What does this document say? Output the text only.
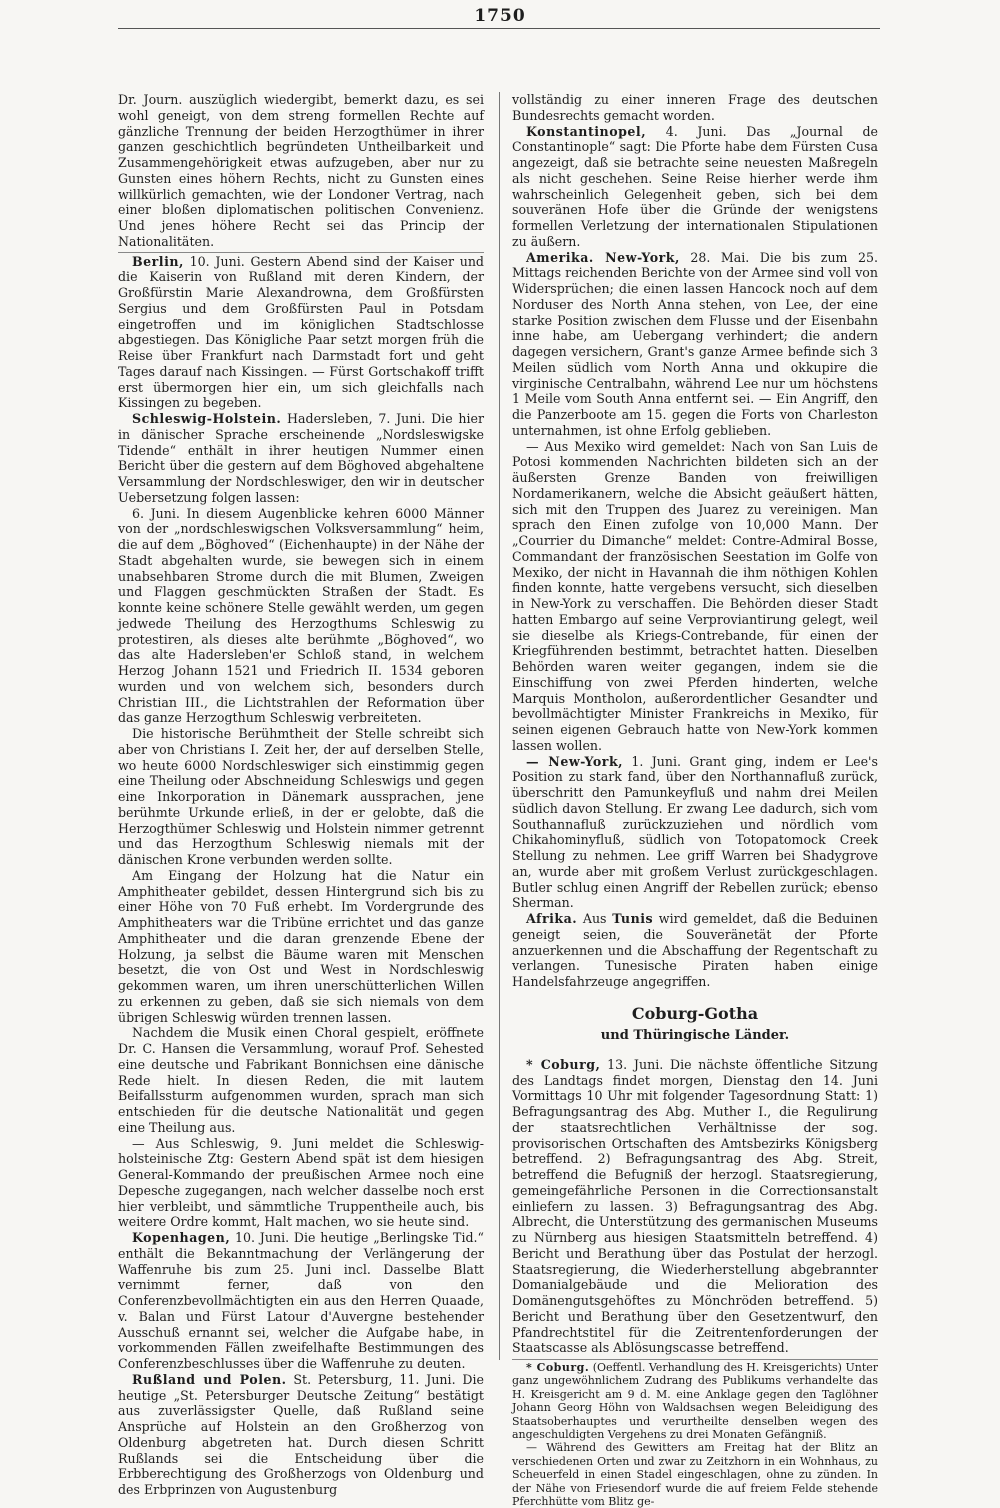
1750

Dr. Journ. auszüglich wiedergibt, bemerkt dazu, es sei wohl geneigt, von dem streng formellen Rechte auf gänzliche Trennung der beiden Herzogthümer in ihrer ganzen geschichtlich begründeten Untheilbarkeit und Zusammengehörigkeit etwas aufzugeben, aber nur zu Gunsten eines höhern Rechts, nicht zu Gunsten eines willkürlich gemachten, wie der Londoner Vertrag, nach einer bloßen diplomatischen politischen Convenienz. Und jenes höhere Recht sei das Princip der Nationalitäten.

Berlin, 10. Juni. Gestern Abend sind der Kaiser und die Kaiserin von Rußland mit deren Kindern, der Großfürstin Marie Alexandrowna, dem Großfürsten Sergius und dem Großfürsten Paul in Potsdam eingetroffen und im königlichen Stadtschlosse abgestiegen. Das Königliche Paar setzt morgen früh die Reise über Frankfurt nach Darmstadt fort und geht Tages darauf nach Kissingen. — Fürst Gortschakoff trifft erst übermorgen hier ein, um sich gleichfalls nach Kissingen zu begeben.

Schleswig-Holstein. Hadersleben, 7. Juni. Die hier in dänischer Sprache erscheinende „Nordsleswigske Tidende“ enthält in ihrer heutigen Nummer einen Bericht über die gestern auf dem Böghoved abgehaltene Versammlung der Nordschleswiger, den wir in deutscher Uebersetzung folgen lassen:

6. Juni. In diesem Augenblicke kehren 6000 Männer von der „nordschleswigschen Volksversammlung“ heim, die auf dem „Böghoved“ (Eichenhaupte) in der Nähe der Stadt abgehalten wurde, sie bewegen sich in einem unabsehbaren Strome durch die mit Blumen, Zweigen und Flaggen geschmückten Straßen der Stadt. Es konnte keine schönere Stelle gewählt werden, um gegen jedwede Theilung des Herzogthums Schleswig zu protestiren, als dieses alte berühmte „Böghoved“, wo das alte Hadersleben'er Schloß stand, in welchem Herzog Johann 1521 und Friedrich II. 1534 geboren wurden und von welchem sich, besonders durch Christian III., die Lichtstrahlen der Reformation über das ganze Herzogthum Schleswig verbreiteten.

Die historische Berühmtheit der Stelle schreibt sich aber von Christians I. Zeit her, der auf derselben Stelle, wo heute 6000 Nordschleswiger sich einstimmig gegen eine Theilung oder Abschneidung Schleswigs und gegen eine Inkorporation in Dänemark aussprachen, jene berühmte Urkunde erließ, in der er gelobte, daß die Herzogthümer Schleswig und Holstein nimmer getrennt und das Herzogthum Schleswig niemals mit der dänischen Krone verbunden werden sollte.

Am Eingang der Holzung hat die Natur ein Amphitheater gebildet, dessen Hintergrund sich bis zu einer Höhe von 70 Fuß erhebt. Im Vordergrunde des Amphitheaters war die Tribüne errichtet und das ganze Amphitheater und die daran grenzende Ebene der Holzung, ja selbst die Bäume waren mit Menschen besetzt, die von Ost und West in Nordschleswig gekommen waren, um ihren unerschütterlichen Willen zu erkennen zu geben, daß sie sich niemals von dem übrigen Schleswig würden trennen lassen.

Nachdem die Musik einen Choral gespielt, eröffnete Dr. C. Hansen die Versammlung, worauf Prof. Sehested eine deutsche und Fabrikant Bonnichsen eine dänische Rede hielt. In diesen Reden, die mit lautem Beifallssturm aufgenommen wurden, sprach man sich entschieden für die deutsche Nationalität und gegen eine Theilung aus.

— Aus Schleswig, 9. Juni meldet die Schleswig-holsteinische Ztg: Gestern Abend spät ist dem hiesigen General-Kommando der preußischen Armee noch eine Depesche zugegangen, nach welcher dasselbe noch erst hier verbleibt, und sämmtliche Truppentheile auch, bis weitere Ordre kommt, Halt machen, wo sie heute sind.

Kopenhagen, 10. Juni. Die heutige „Berlingske Tid.“ enthält die Bekanntmachung der Verlängerung der Waffenruhe bis zum 25. Juni incl. Dasselbe Blatt vernimmt ferner, daß von den Conferenzbevollmächtigten ein aus den Herren Quaade, v. Balan und Fürst Latour d'Auvergne bestehender Ausschuß ernannt sei, welcher die Aufgabe habe, in vorkommenden Fällen zweifelhafte Bestimmungen des Conferenzbeschlusses über die Waffenruhe zu deuten.

Rußland und Polen. St. Petersburg, 11. Juni. Die heutige „St. Petersburger Deutsche Zeitung“ bestätigt aus zuverlässigster Quelle, daß Rußland seine Ansprüche auf Holstein an den Großherzog von Oldenburg abgetreten hat. Durch diesen Schritt Rußlands sei die Entscheidung über die Erbberechtigung des Großherzogs von Oldenburg und des Erbprinzen von Augustenburg

vollständig zu einer inneren Frage des deutschen Bundesrechts gemacht worden.

Konstantinopel, 4. Juni. Das „Journal de Constantinople“ sagt: Die Pforte habe dem Fürsten Cusa angezeigt, daß sie betrachte seine neuesten Maßregeln als nicht geschehen. Seine Reise hierher werde ihm wahrscheinlich Gelegenheit geben, sich bei dem souveränen Hofe über die Gründe der wenigstens formellen Verletzung der internationalen Stipulationen zu äußern.

Amerika. New-York, 28. Mai. Die bis zum 25. Mittags reichenden Berichte von der Armee sind voll von Widersprüchen; die einen lassen Hancock noch auf dem Norduser des North Anna stehen, von Lee, der eine starke Position zwischen dem Flusse und der Eisenbahn inne habe, am Uebergang verhindert; die andern dagegen versichern, Grant's ganze Armee befinde sich 3 Meilen südlich vom North Anna und okkupire die virginische Centralbahn, während Lee nur um höchstens 1 Meile vom South Anna entfernt sei. — Ein Angriff, den die Panzerboote am 15. gegen die Forts von Charleston unternahmen, ist ohne Erfolg geblieben.

— Aus Mexiko wird gemeldet: Nach von San Luis de Potosi kommenden Nachrichten bildeten sich an der äußersten Grenze Banden von freiwilligen Nordamerikanern, welche die Absicht geäußert hätten, sich mit den Truppen des Juarez zu vereinigen. Man sprach den Einen zufolge von 10,000 Mann. Der „Courrier du Dimanche“ meldet: Contre-Admiral Bosse, Commandant der französischen Seestation im Golfe von Mexiko, der nicht in Havannah die ihm nöthigen Kohlen finden konnte, hatte vergebens versucht, sich dieselben in New-York zu verschaffen. Die Behörden dieser Stadt hatten Embargo auf seine Verproviantirung gelegt, weil sie dieselbe als Kriegs-Contrebande, für einen der Kriegführenden bestimmt, betrachtet hatten. Dieselben Behörden waren weiter gegangen, indem sie die Einschiffung von zwei Pferden hinderten, welche Marquis Montholon, außerordentlicher Gesandter und bevollmächtigter Minister Frankreichs in Mexiko, für seinen eigenen Gebrauch hatte von New-York kommen lassen wollen.

— New-York, 1. Juni. Grant ging, indem er Lee's Position zu stark fand, über den Northannafluß zurück, überschritt den Pamunkeyfluß und nahm drei Meilen südlich davon Stellung. Er zwang Lee dadurch, sich vom Southannafluß zurückzuziehen und nördlich vom Chikahominyfluß, südlich von Totopatomock Creek Stellung zu nehmen. Lee griff Warren bei Shadygrove an, wurde aber mit großem Verlust zurückgeschlagen. Butler schlug einen Angriff der Rebellen zurück; ebenso Sherman.

Afrika. Aus Tunis wird gemeldet, daß die Beduinen geneigt seien, die Souveränetät der Pforte anzuerkennen und die Abschaffung der Regentschaft zu verlangen. Tunesische Piraten haben einige Handelsfahrzeuge angegriffen.

Coburg-Gotha
und Thüringische Länder.

* Coburg, 13. Juni. Die nächste öffentliche Sitzung des Landtags findet morgen, Dienstag den 14. Juni Vormittags 10 Uhr mit folgender Tagesordnung Statt: 1) Befragungsantrag des Abg. Muther I., die Regulirung der staatsrechtlichen Verhältnisse der sog. provisorischen Ortschaften des Amtsbezirks Königsberg betreffend. 2) Befragungsantrag des Abg. Streit, betreffend die Befugniß der herzogl. Staatsregierung, gemeingefährliche Personen in die Correctionsanstalt einliefern zu lassen. 3) Befragungsantrag des Abg. Albrecht, die Unterstützung des germanischen Museums zu Nürnberg aus hiesigen Staatsmitteln betreffend. 4) Bericht und Berathung über das Postulat der herzogl. Staatsregierung, die Wiederherstellung abgebrannter Domanialgebäude und die Melioration des Domänengutsgehöftes zu Mönchröden betreffend. 5) Bericht und Berathung über den Gesetzentwurf, den Pfandrechtstitel für die Zeitrentenforderungen der Staatscasse als Ablösungscasse betreffend.

* Coburg. (Oeffentl. Verhandlung des H. Kreisgerichts) Unter ganz ungewöhnlichem Zudrang des Publikums verhandelte das H. Kreisgericht am 9 d. M. eine Anklage gegen den Taglöhner Johann Georg Höhn von Waldsachsen wegen Beleidigung des Staatsoberhauptes und verurtheilte denselben wegen des angeschuldigten Vergehens zu drei Monaten Gefängniß.

— Während des Gewitters am Freitag hat der Blitz an verschiedenen Orten und zwar zu Zeitzhorn in ein Wohnhaus, zu Scheuerfeld in einen Stadel eingeschlagen, ohne zu zünden. In der Nähe von Friesendorf wurde die auf freiem Felde stehende Pferchhütte vom Blitz ge-
